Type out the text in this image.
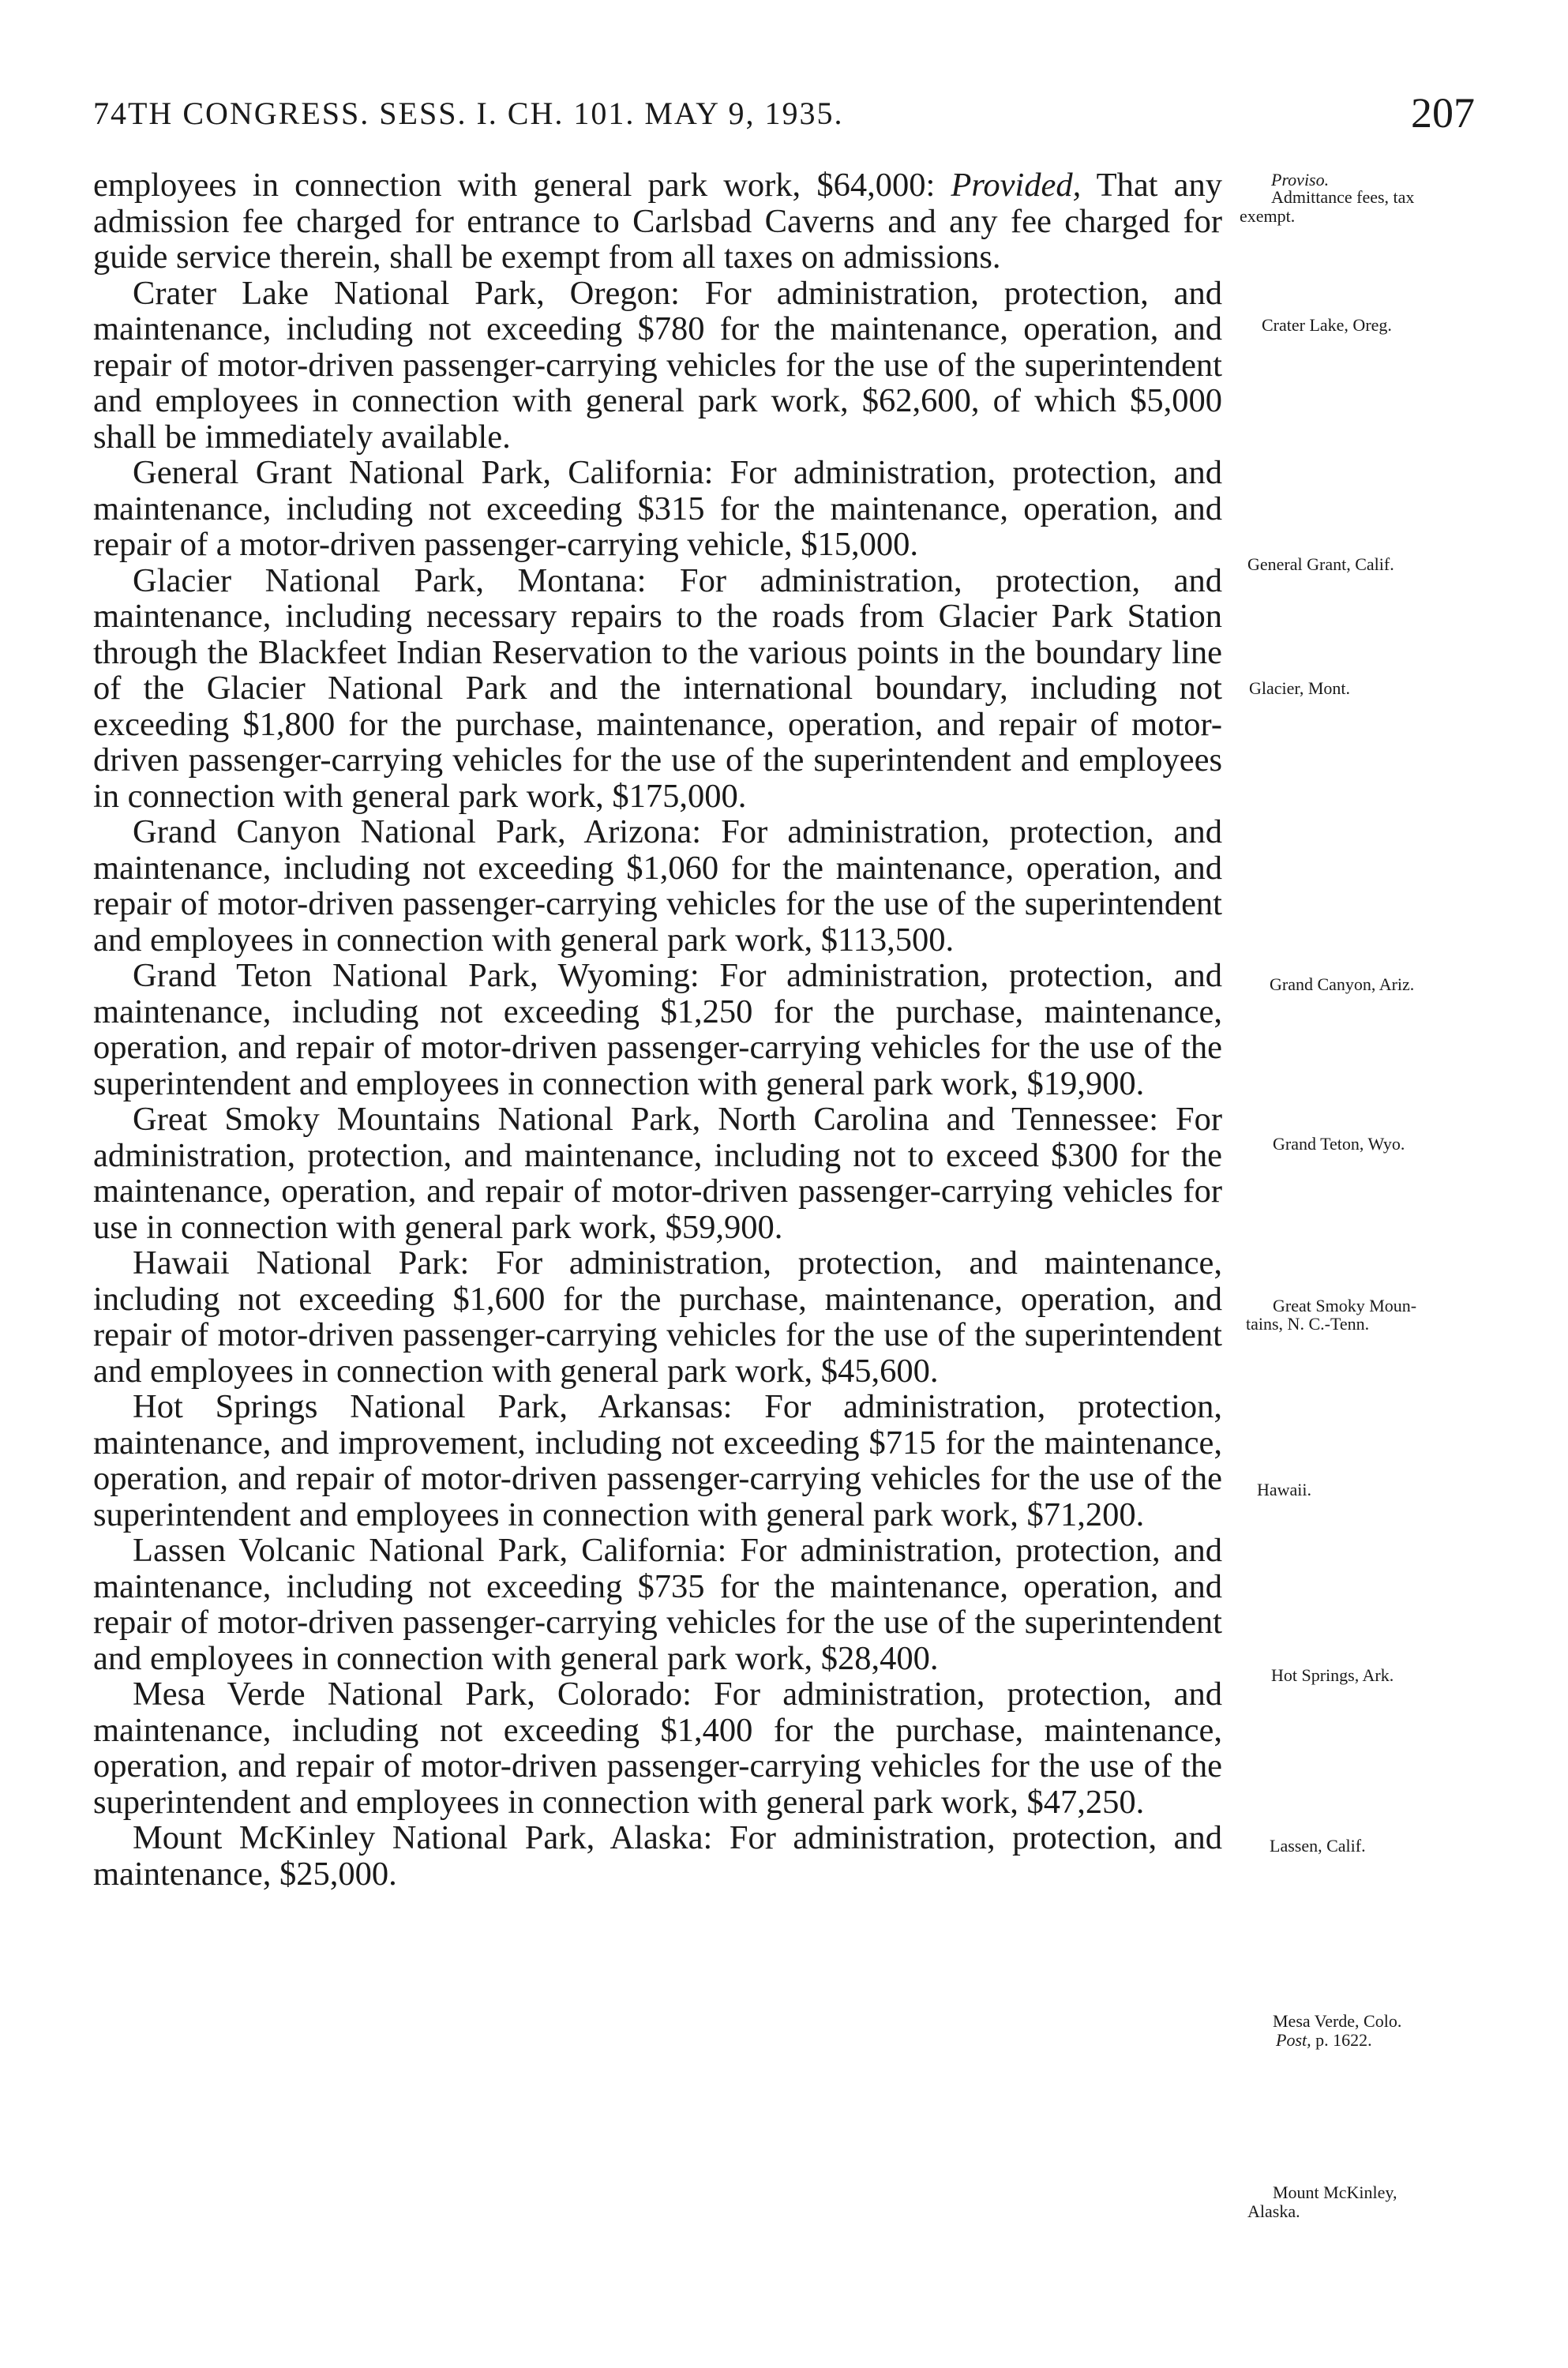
74TH CONGRESS. SESS. I. CH. 101. MAY 9, 1935.	207

employees in connection with general park work, $64,000: Provided, That any admission fee charged for entrance to Carlsbad Caverns and any fee charged for guide service therein, shall be exempt from all taxes on admissions.

Crater Lake National Park, Oregon: For administration, protection, and maintenance, including not exceeding $780 for the maintenance, operation, and repair of motor-driven passenger-carrying vehicles for the use of the superintendent and employees in connection with general park work, $62,600, of which $5,000 shall be immediately available.

General Grant National Park, California: For administration, protection, and maintenance, including not exceeding $315 for the maintenance, operation, and repair of a motor-driven passenger-carrying vehicle, $15,000.

Glacier National Park, Montana: For administration, protection, and maintenance, including necessary repairs to the roads from Glacier Park Station through the Blackfeet Indian Reservation to the various points in the boundary line of the Glacier National Park and the international boundary, including not exceeding $1,800 for the purchase, maintenance, operation, and repair of motor-driven passenger-carrying vehicles for the use of the superintendent and employees in connection with general park work, $175,000.

Grand Canyon National Park, Arizona: For administration, protection, and maintenance, including not exceeding $1,060 for the maintenance, operation, and repair of motor-driven passenger-carrying vehicles for the use of the superintendent and employees in connection with general park work, $113,500.

Grand Teton National Park, Wyoming: For administration, protection, and maintenance, including not exceeding $1,250 for the purchase, maintenance, operation, and repair of motor-driven passenger-carrying vehicles for the use of the superintendent and employees in connection with general park work, $19,900.

Great Smoky Mountains National Park, North Carolina and Tennessee: For administration, protection, and maintenance, including not to exceed $300 for the maintenance, operation, and repair of motor-driven passenger-carrying vehicles for use in connection with general park work, $59,900.

Hawaii National Park: For administration, protection, and maintenance, including not exceeding $1,600 for the purchase, maintenance, operation, and repair of motor-driven passenger-carrying vehicles for the use of the superintendent and employees in connection with general park work, $45,600.

Hot Springs National Park, Arkansas: For administration, protection, maintenance, and improvement, including not exceeding $715 for the maintenance, operation, and repair of motor-driven passenger-carrying vehicles for the use of the superintendent and employees in connection with general park work, $71,200.

Lassen Volcanic National Park, California: For administration, protection, and maintenance, including not exceeding $735 for the maintenance, operation, and repair of motor-driven passenger-carrying vehicles for the use of the superintendent and employees in connection with general park work, $28,400.

Mesa Verde National Park, Colorado: For administration, protection, and maintenance, including not exceeding $1,400 for the purchase, maintenance, operation, and repair of motor-driven passenger-carrying vehicles for the use of the superintendent and employees in connection with general park work, $47,250.

Mount McKinley National Park, Alaska: For administration, protection, and maintenance, $25,000.

Proviso.
Admittance fees, tax
exempt.
Crater Lake, Oreg.
General Grant, Calif.
Glacier, Mont.
Grand Canyon, Ariz.
Grand Teton, Wyo.
Great Smoky Moun-
tains, N. C.-Tenn.
Hawaii.
Hot Springs, Ark.
Lassen, Calif.
Mesa Verde, Colo.
Post, p. 1622.
Mount McKinley,
Alaska.
